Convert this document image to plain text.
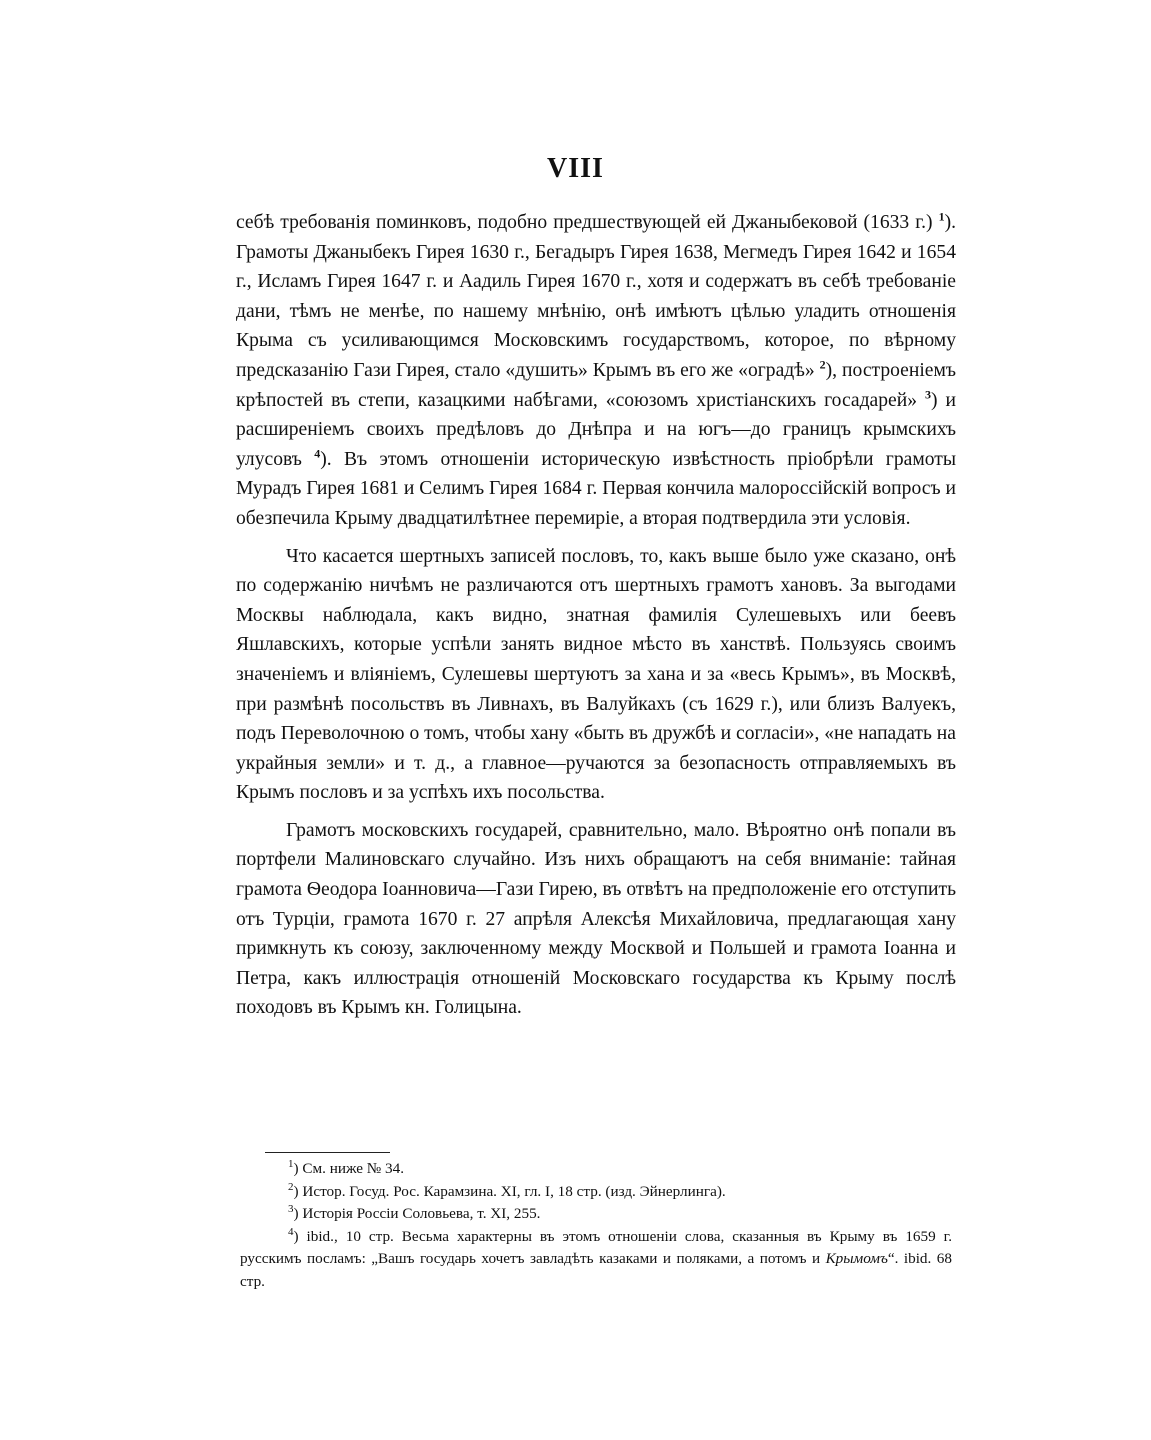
VIII

себѣ требованія поминковъ, подобно предшествующей ей Джаныбековой (1633 г.) $^1$). Грамоты Джаныбекъ Гирея 1630 г., Бегадыръ Гирея 1638, Мегмедъ Гирея 1642 и 1654 г., Исламъ Гирея 1647 г. и Аадиль Гирея 1670 г., хотя и содержатъ въ себѣ требованіе дани, тѣмъ не менѣе, по нашему мнѣнію, онѣ имѣютъ цѣлью уладить отношенія Крыма съ усиливающимся Московскимъ государствомъ, которое, по вѣрному предсказанію Гази Гирея, стало «душить» Крымъ въ его же «оградѣ» $^2$), построеніемъ крѣпостей въ степи, казацкими набѣгами, «союзомъ христіанскихъ госадарей» $^3$) и расширеніемъ своихъ предѣловъ до Днѣпра и на югъ—до границъ крымскихъ улусовъ $^4$). Въ этомъ отношеніи историческую извѣстность пріобрѣли грамоты Мурадъ Гирея 1681 и Селимъ Гирея 1684 г. Первая кончила малороссійскій вопросъ и обезпечила Крыму двадцатилѣтнее перемиріе, а вторая подтвердила эти условія.

Что касается шертныхъ записей пословъ, то, какъ выше было уже сказано, онѣ по содержанію ничѣмъ не различаются отъ шертныхъ грамотъ хановъ. За выгодами Москвы наблюдала, какъ видно, знатная фамилія Сулешевыхъ или беевъ Яшлавскихъ, которые успѣли занять видное мѣсто въ ханствѣ. Пользуясь своимъ значеніемъ и вліяніемъ, Сулешевы шертуютъ за хана и за «весь Крымъ», въ Москвѣ, при размѣнѣ посольствъ въ Ливнахъ, въ Валуйкахъ (съ 1629 г.), или близъ Валуекъ, подъ Переволочною о томъ, чтобы хану «быть въ дружбѣ и согласіи», «не нападать на украйныя земли» и т. д., а главное—ручаются за безопасность отправляемыхъ въ Крымъ пословъ и за успѣхъ ихъ посольства.

Грамотъ московскихъ государей, сравнительно, мало. Вѣроятно онѣ попали въ портфели Малиновскаго случайно. Изъ нихъ обращаютъ на себя вниманіе: тайная грамота Ѳеодора Іоанновича—Гази Гирею, въ отвѣтъ на предположеніе его отступить отъ Турціи, грамота 1670 г. 27 апрѣля Алексѣя Михайловича, предлагающая хану примкнуть къ союзу, заключенному между Москвой и Польшей и грамота Іоанна и Петра, какъ иллюстрація отношеній Московскаго государства къ Крыму послѣ походовъ въ Крымъ кн. Голицына.

$^1$) См. ниже № 34.

$^2$) Истор. Госуд. Рос. Карамзина. XI, гл. I, 18 стр. (изд. Эйнерлинга).

$^3$) Исторія Россіи Соловьева, т. XI, 255.

$^4$) ibid., 10 стр. Весьма характерны въ этомъ отношеніи слова, сказанныя въ Крыму въ 1659 г. русскимъ посламъ: „Вашъ государь хочетъ завладѣть казаками и поляками, а потомъ и Крымомъ“. ibid. 68 стр.
